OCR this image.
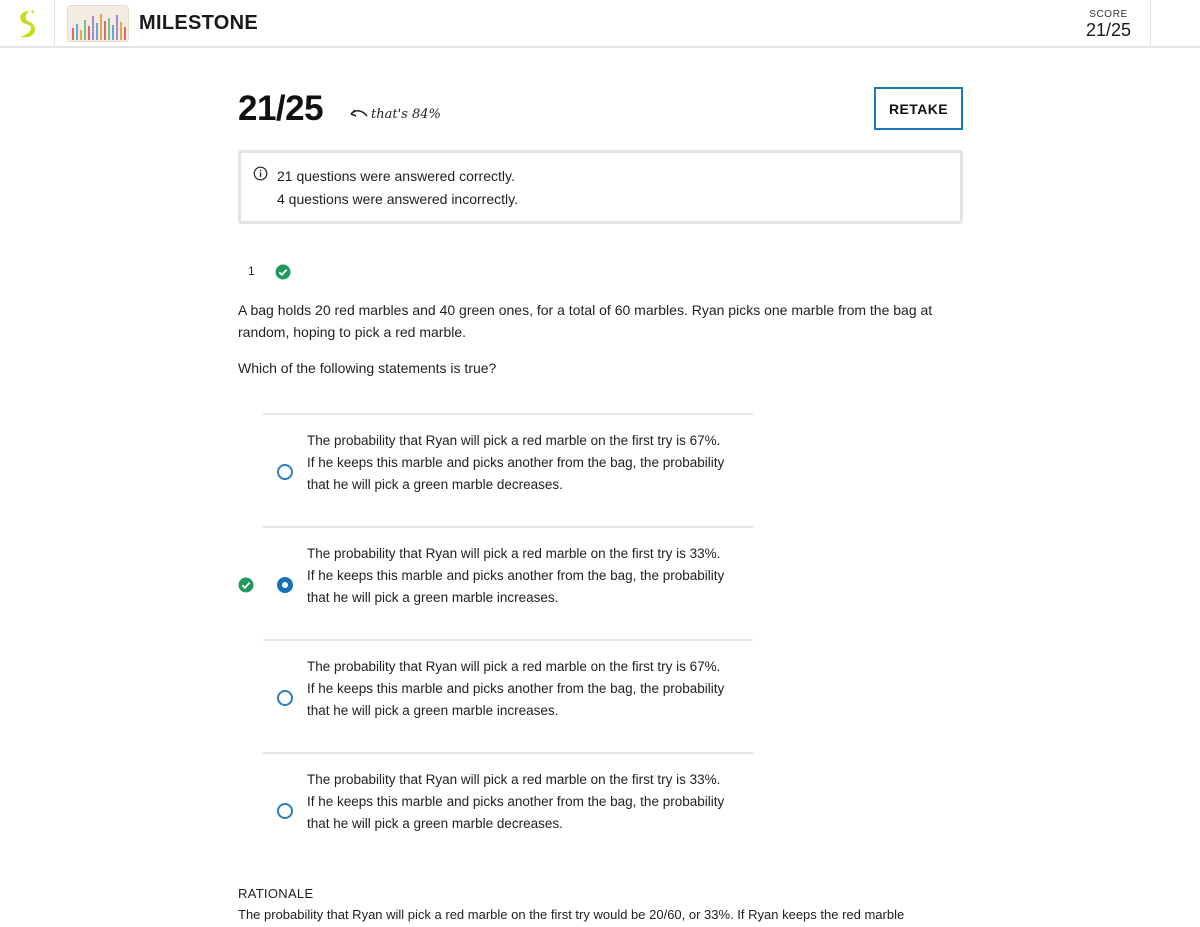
MILESTONE	SCORE
21/25
21/25	that's 84%	RETAKE
21 questions were answered correctly.
4 questions were answered incorrectly.
1
A bag holds 20 red marbles and 40 green ones, for a total of 60 marbles. Ryan picks one marble from the bag at random, hoping to pick a red marble.
Which of the following statements is true?
The probability that Ryan will pick a red marble on the first try is 67%. If he keeps this marble and picks another from the bag, the probability that he will pick a green marble decreases.
The probability that Ryan will pick a red marble on the first try is 33%. If he keeps this marble and picks another from the bag, the probability that he will pick a green marble increases.
The probability that Ryan will pick a red marble on the first try is 67%. If he keeps this marble and picks another from the bag, the probability that he will pick a green marble increases.
The probability that Ryan will pick a red marble on the first try is 33%. If he keeps this marble and picks another from the bag, the probability that he will pick a green marble decreases.
RATIONALE
The probability that Ryan will pick a red marble on the first try would be 20/60, or 33%. If Ryan keeps the red marble
